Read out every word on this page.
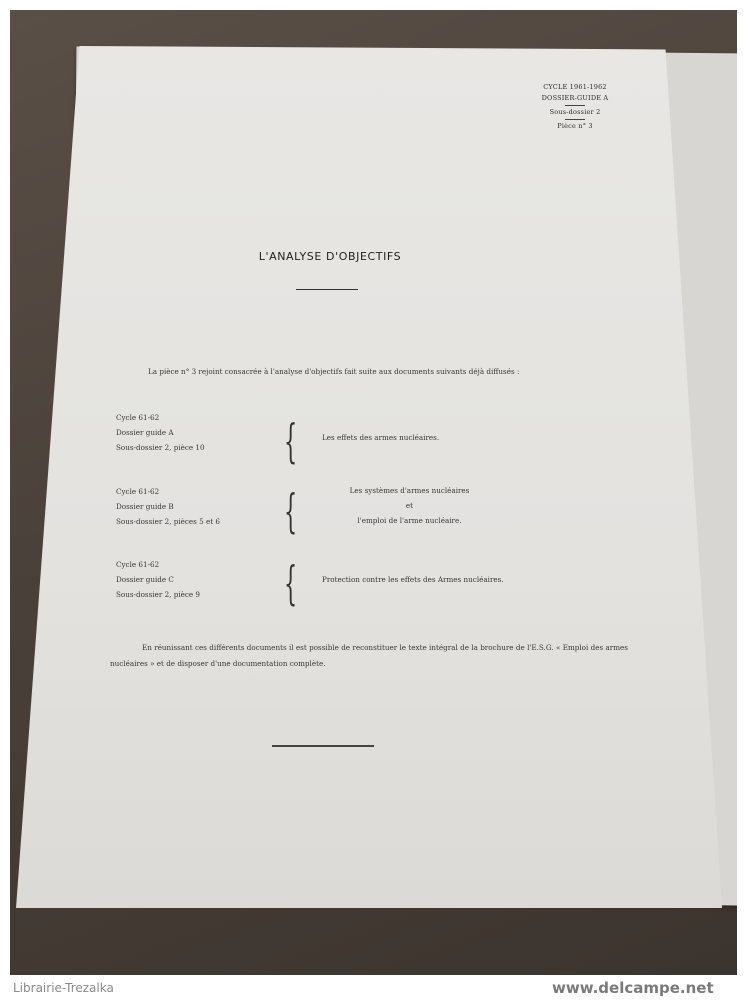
CYCLE 1961-1962
DOSSIER-GUIDE A
Sous-dossier 2
Pièce n° 3
L'ANALYSE D'OBJECTIFS
La pièce n° 3 rejoint consacrée à l'analyse d'objectifs fait suite aux documents suivants déjà diffusés :
Cycle 61-62
Dossier guide A
Sous-dossier 2, pièce 10 {	Les effets des armes nucléaires.
Cycle 61-62
Dossier guide B
Sous-dossier 2, pièces 5 et 6 {	Les systèmes d'armes nucléaires
et
l'emploi de l'arme nucléaire.
Cycle 61-62
Dossier guide C
Sous-dossier 2, pièce 9 {	Protection contre les effets des Armes nucléaires.
En réunissant ces différents documents il est possible de reconstituer le texte intégral de la brochure de l'E.S.G. « Emploi des armes nucléaires » et de disposer d'une documentation complète.
Librairie-Trezalka	www.delcampe.net
